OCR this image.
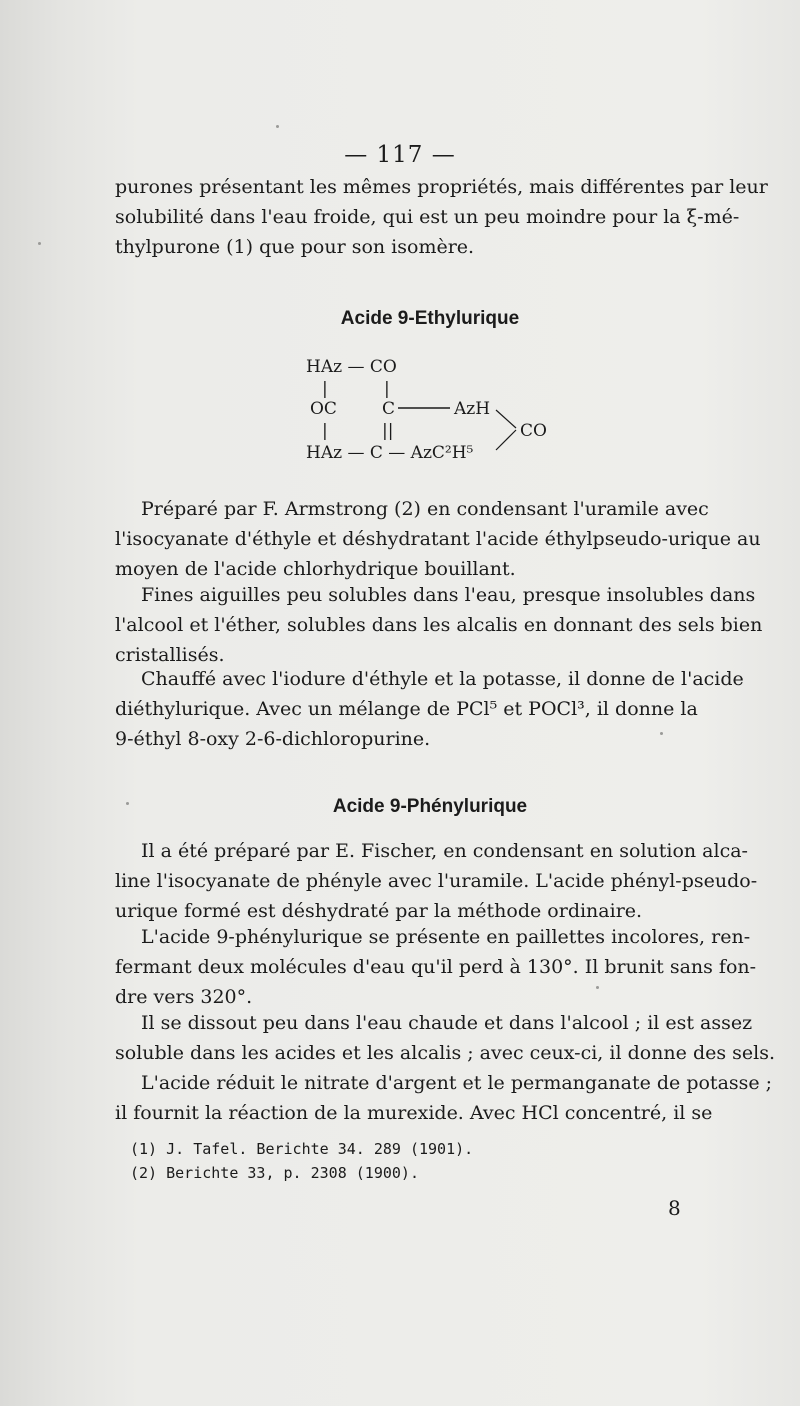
— 117 —

purones présentant les mêmes propriétés, mais différentes par leur
solubilité dans l'eau froide, qui est un peu moindre pour la ξ-mé-
thylpurone (1) que pour son isomère.

Acide 9-Ethylurique
HAz — CO
|	|
OC	C	AzH
CO
|	||
HAz — C — AzC²H⁵

Préparé par F. Armstrong (2) en condensant l'uramile avec
l'isocyanate d'éthyle et déshydratant l'acide éthylpseudo-urique au
moyen de l'acide chlorhydrique bouillant.

Fines aiguilles peu solubles dans l'eau, presque insolubles dans
l'alcool et l'éther, solubles dans les alcalis en donnant des sels bien
cristallisés.

Chauffé avec l'iodure d'éthyle et la potasse, il donne de l'acide
diéthylurique. Avec un mélange de PCl⁵ et POCl³, il donne la
9-éthyl 8-oxy 2-6-dichloropurine.

Acide 9-Phénylurique

Il a été préparé par E. Fischer, en condensant en solution alca-
line l'isocyanate de phényle avec l'uramile. L'acide phényl-pseudo-
urique formé est déshydraté par la méthode ordinaire.

L'acide 9-phénylurique se présente en paillettes incolores, ren-
fermant deux molécules d'eau qu'il perd à 130°. Il brunit sans fon-
dre vers 320°.

Il se dissout peu dans l'eau chaude et dans l'alcool ; il est assez
soluble dans les acides et les alcalis ; avec ceux-ci, il donne des sels.
L'acide réduit le nitrate d'argent et le permanganate de potasse ;
il fournit la réaction de la murexide. Avec HCl concentré, il se

(1) J. Tafel. Berichte 34. 289 (1901).
(2) Berichte 33, p. 2308 (1900).
8
